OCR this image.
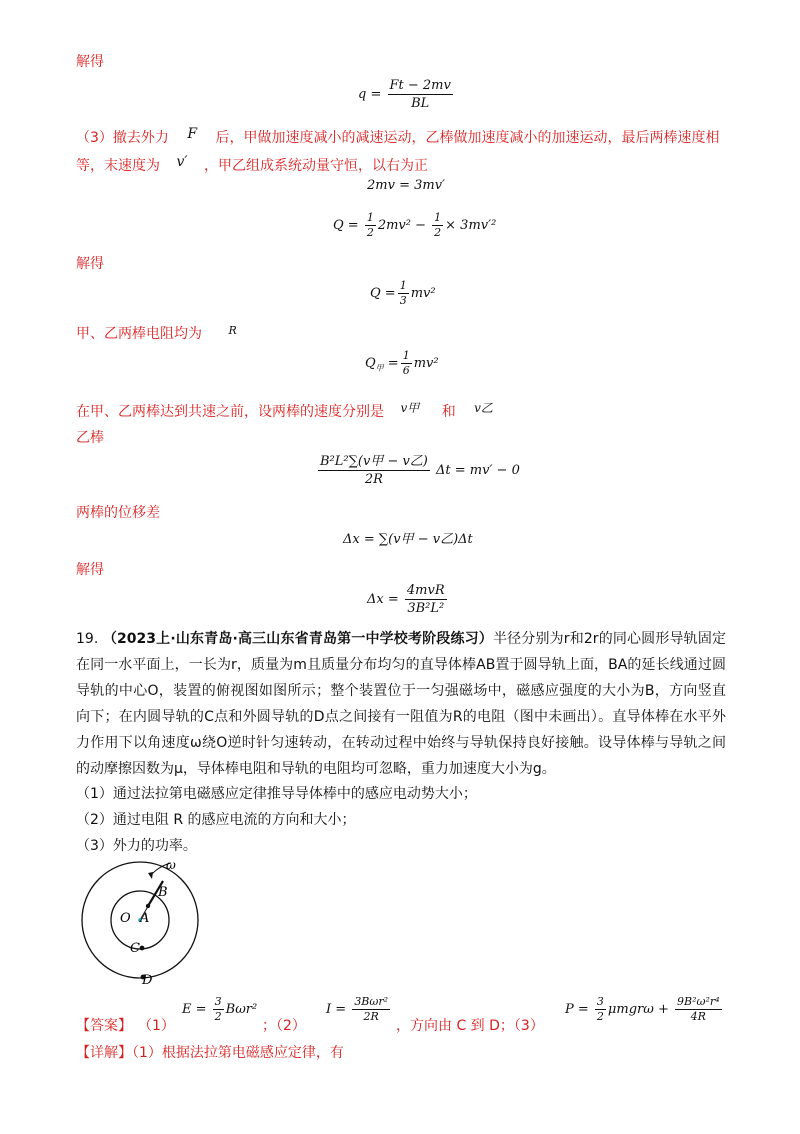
解得
$q = \frac{Ft - 2mv}{BL}$
（3）撤去外力 F 后，甲做加速度减小的减速运动，乙棒做加速度减小的加速运动，最后两棒速度相
等，末速度为 v′ ，甲乙组成系统动量守恒，以右为正
2mv = 3mv′
$Q = \frac{1}{2} 2mv^2 - \frac{1}{2} \times 3mv'^2$
解得
$Q = \frac{1}{3} mv^2$
甲、乙两棒电阻均为 $^R$
$Q_甲 = \frac{1}{6} mv^2$
在甲、乙两棒达到共速之前，设两棒的速度分别是 v甲 和 v乙
乙棒
$\frac{\text{B²L²∑(v甲 − v乙)}}{2R}$ Δt = mv′ − 0
两棒的位移差
Δx = ∑(v甲 − v乙)Δt
解得
$\Delta x = \frac{\text{4mvR}}{\text{3B²L²}}$
19. （2023上·山东青岛·高三山东省青岛第一中学校考阶段练习）半径分别为r和2r的同心圆形导轨固定在同一水平面上，一长为r，质量为m且质量分布均匀的直导体棒AB置于圆导轨上面，BA的延长线通过圆导轨的中心O，装置的俯视图如图所示；整个装置位于一匀强磁场中，磁感应强度的大小为B，方向竖直向下；在内圆导轨的C点和外圆导轨的D点之间接有一阻值为R的电阻（图中未画出）。直导体棒在水平外力作用下以角速度ω绕O逆时针匀速转动，在转动过程中始终与导轨保持良好接触。设导体棒与导轨之间的动摩擦因数为μ，导体棒电阻和导轨的电阻均可忽略，重力加速度大小为g。
（1）通过法拉第电磁感应定律推导导体棒中的感应电动势大小；
（2）通过电阻 R 的感应电流的方向和大小；
（3）外力的功率。
ω
B
O A
C
D
【答案】 （1）
$E = \frac{3}{2} B\omega r^2$
；（2）
$I = \frac{\text{3Bωr²}}{2R}$
，方向由 C 到 D；（3）
$P = \frac{3}{2}$ $\mu mgr\omega + \frac{\text{9B²ω²r⁴}}{4R}$
【详解】（1）根据法拉第电磁感应定律，有
